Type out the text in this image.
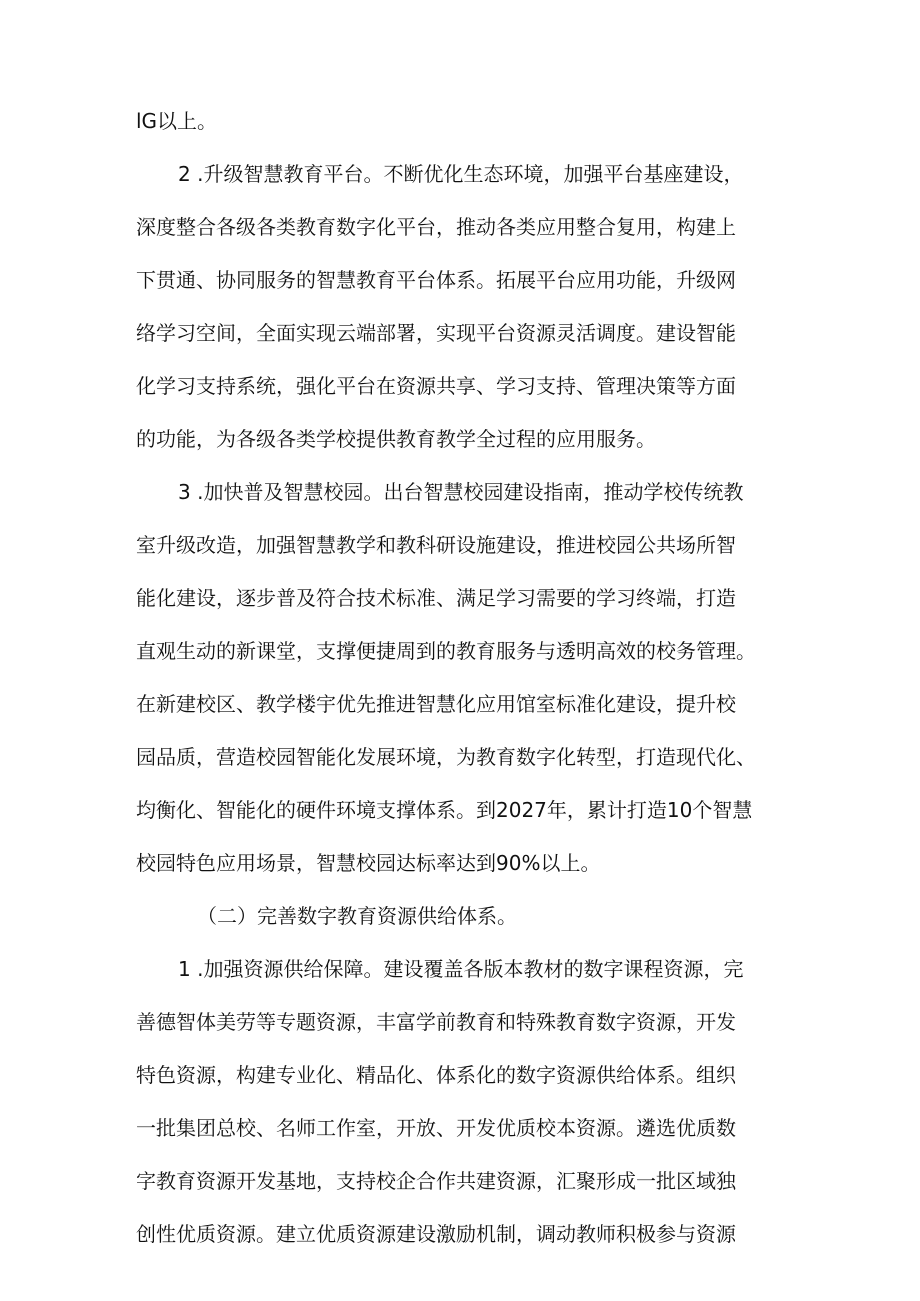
lG以上。
2 .升级智慧教育平台。不断优化生态环境，加强平台基座建设，
深度整合各级各类教育数字化平台，推动各类应用整合复用，构建上
下贯通、协同服务的智慧教育平台体系。拓展平台应用功能，升级网
络学习空间，全面实现云端部署，实现平台资源灵活调度。建设智能
化学习支持系统，强化平台在资源共享、学习支持、管理决策等方面
的功能，为各级各类学校提供教育教学全过程的应用服务。
3 .加快普及智慧校园。出台智慧校园建设指南，推动学校传统教
室升级改造，加强智慧教学和教科研设施建设，推进校园公共场所智
能化建设，逐步普及符合技术标准、满足学习需要的学习终端，打造
直观生动的新课堂，支撑便捷周到的教育服务与透明高效的校务管理。
在新建校区、教学楼宇优先推进智慧化应用馆室标准化建设，提升校
园品质，营造校园智能化发展环境，为教育数字化转型，打造现代化、
均衡化、智能化的硬件环境支撑体系。到2027年，累计打造10个智慧
校园特色应用场景，智慧校园达标率达到90%以上。
（二）完善数字教育资源供给体系。
1 .加强资源供给保障。建设覆盖各版本教材的数字课程资源，完
善德智体美劳等专题资源，丰富学前教育和特殊教育数字资源，开发
特色资源，构建专业化、精品化、体系化的数字资源供给体系。组织
一批集团总校、名师工作室，开放、开发优质校本资源。遴选优质数
字教育资源开发基地，支持校企合作共建资源，汇聚形成一批区域独
创性优质资源。建立优质资源建设激励机制，调动教师积极参与资源
